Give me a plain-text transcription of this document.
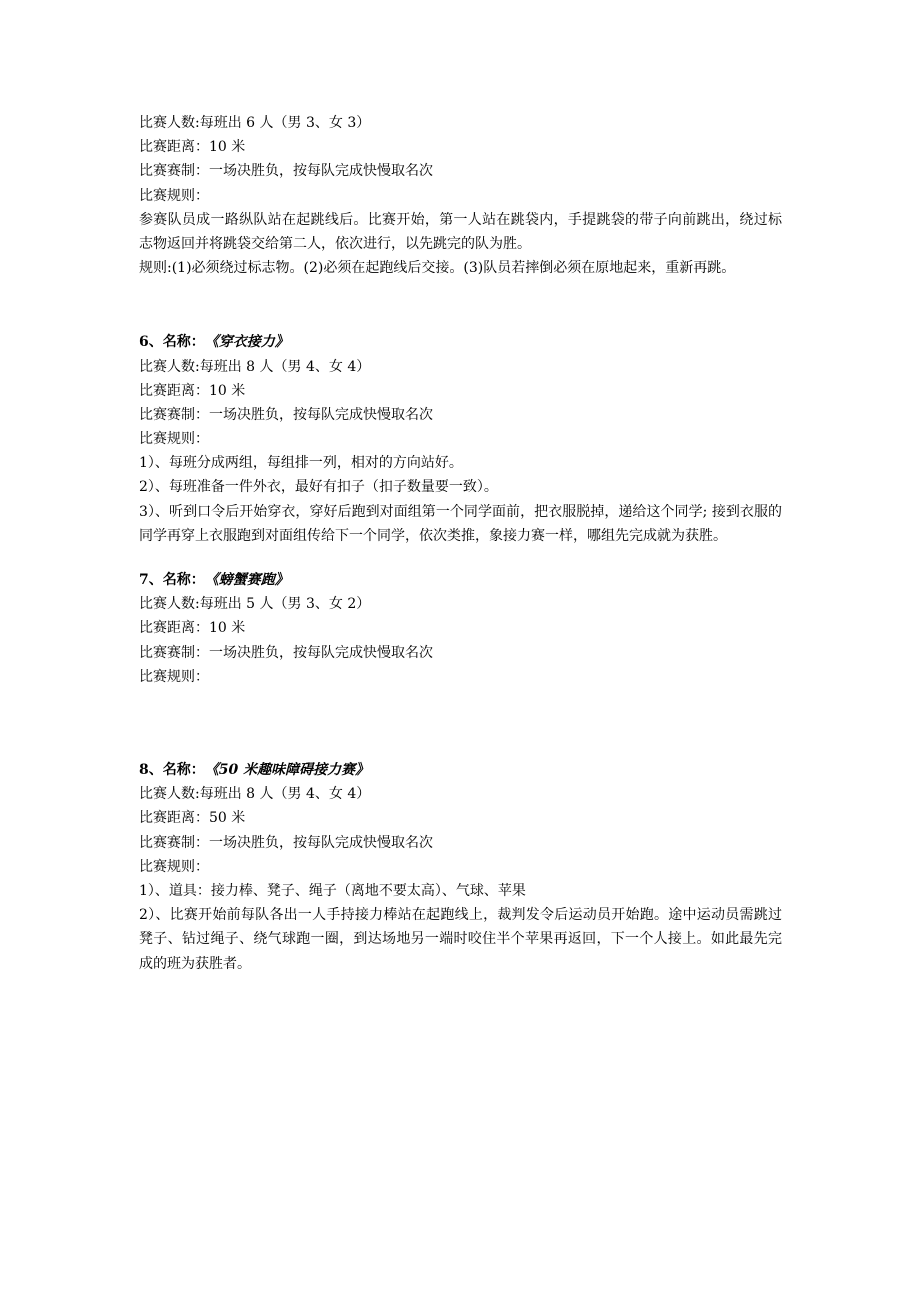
比赛人数:每班出 6 人（男 3、女 3）
比赛距离：10 米
比赛赛制：一场决胜负，按每队完成快慢取名次
比赛规则：
参赛队员成一路纵队站在起跳线后。比赛开始，第一人站在跳袋内，手提跳袋的带子向前跳出，绕过标志物返回并将跳袋交给第二人，依次进行，以先跳完的队为胜。
规则:(1)必须绕过标志物。(2)必须在起跑线后交接。(3)队员若摔倒必须在原地起来，重新再跳。
6、名称：《穿衣接力》
比赛人数:每班出 8 人（男 4、女 4）
比赛距离：10 米
比赛赛制：一场决胜负，按每队完成快慢取名次
比赛规则：
1）、每班分成两组，每组排一列，相对的方向站好。
2）、每班准备一件外衣，最好有扣子（扣子数量要一致）。
3）、听到口令后开始穿衣，穿好后跑到对面组第一个同学面前，把衣服脱掉，递给这个同学; 接到衣服的同学再穿上衣服跑到对面组传给下一个同学，依次类推，象接力赛一样，哪组先完成就为获胜。
7、名称：《螃蟹赛跑》
比赛人数:每班出 5 人（男 3、女 2）
比赛距离：10 米
比赛赛制：一场决胜负，按每队完成快慢取名次
比赛规则：
8、名称：《50 米趣味障碍接力赛》
比赛人数:每班出 8 人（男 4、女 4）
比赛距离：50 米
比赛赛制：一场决胜负，按每队完成快慢取名次
比赛规则：
1）、道具：接力棒、凳子、绳子（离地不要太高）、气球、苹果
2）、比赛开始前每队各出一人手持接力棒站在起跑线上，裁判发令后运动员开始跑。途中运动员需跳过凳子、钻过绳子、绕气球跑一圈，到达场地另一端时咬住半个苹果再返回，下一个人接上。如此最先完成的班为获胜者。
